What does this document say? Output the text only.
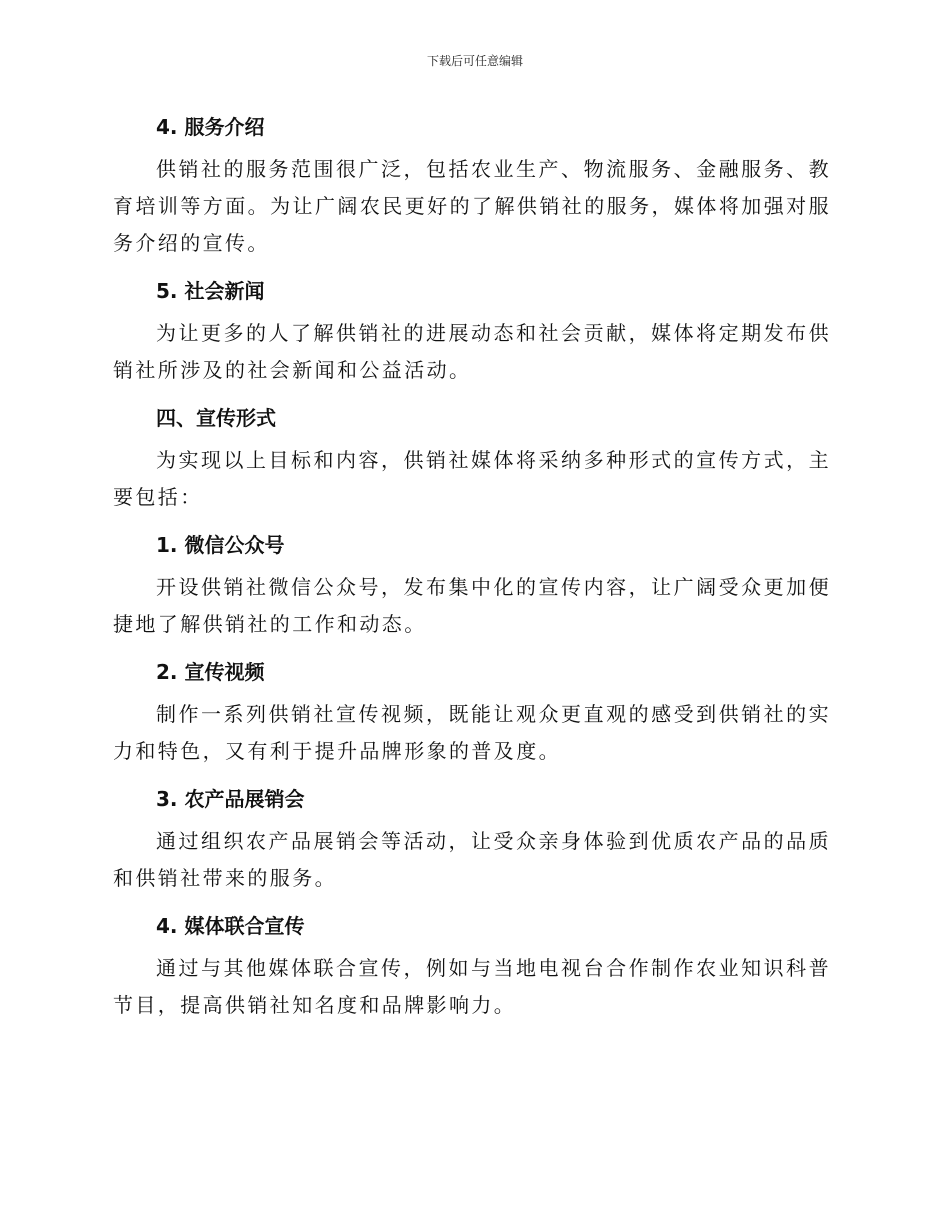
下载后可任意编辑
4. 服务介绍

供销社的服务范围很广泛，包括农业生产、物流服务、金融服务、教育培训等方面。为让广阔农民更好的了解供销社的服务，媒体将加强对服务介绍的宣传。

5. 社会新闻

为让更多的人了解供销社的进展动态和社会贡献，媒体将定期发布供销社所涉及的社会新闻和公益活动。

四、宣传形式

为实现以上目标和内容，供销社媒体将采纳多种形式的宣传方式，主要包括：

1. 微信公众号

开设供销社微信公众号，发布集中化的宣传内容，让广阔受众更加便捷地了解供销社的工作和动态。

2. 宣传视频

制作一系列供销社宣传视频，既能让观众更直观的感受到供销社的实力和特色，又有利于提升品牌形象的普及度。

3. 农产品展销会

通过组织农产品展销会等活动，让受众亲身体验到优质农产品的品质和供销社带来的服务。

4. 媒体联合宣传

通过与其他媒体联合宣传，例如与当地电视台合作制作农业知识科普节目，提高供销社知名度和品牌影响力。
